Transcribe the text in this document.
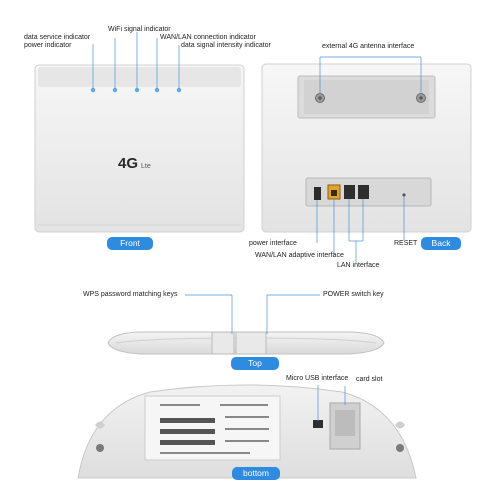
4G Lte
WiFi signal indicator
data service indicator
power indicator
WAN/LAN connection indicator
data signal intensity indicator	external 4G antenna interface
power interface
WAN/LAN adaptive interface
LAN interface
RESET
WPS password matching keys	POWER switch key
Micro USB interface card slot
Front	Back
Top
bottom
